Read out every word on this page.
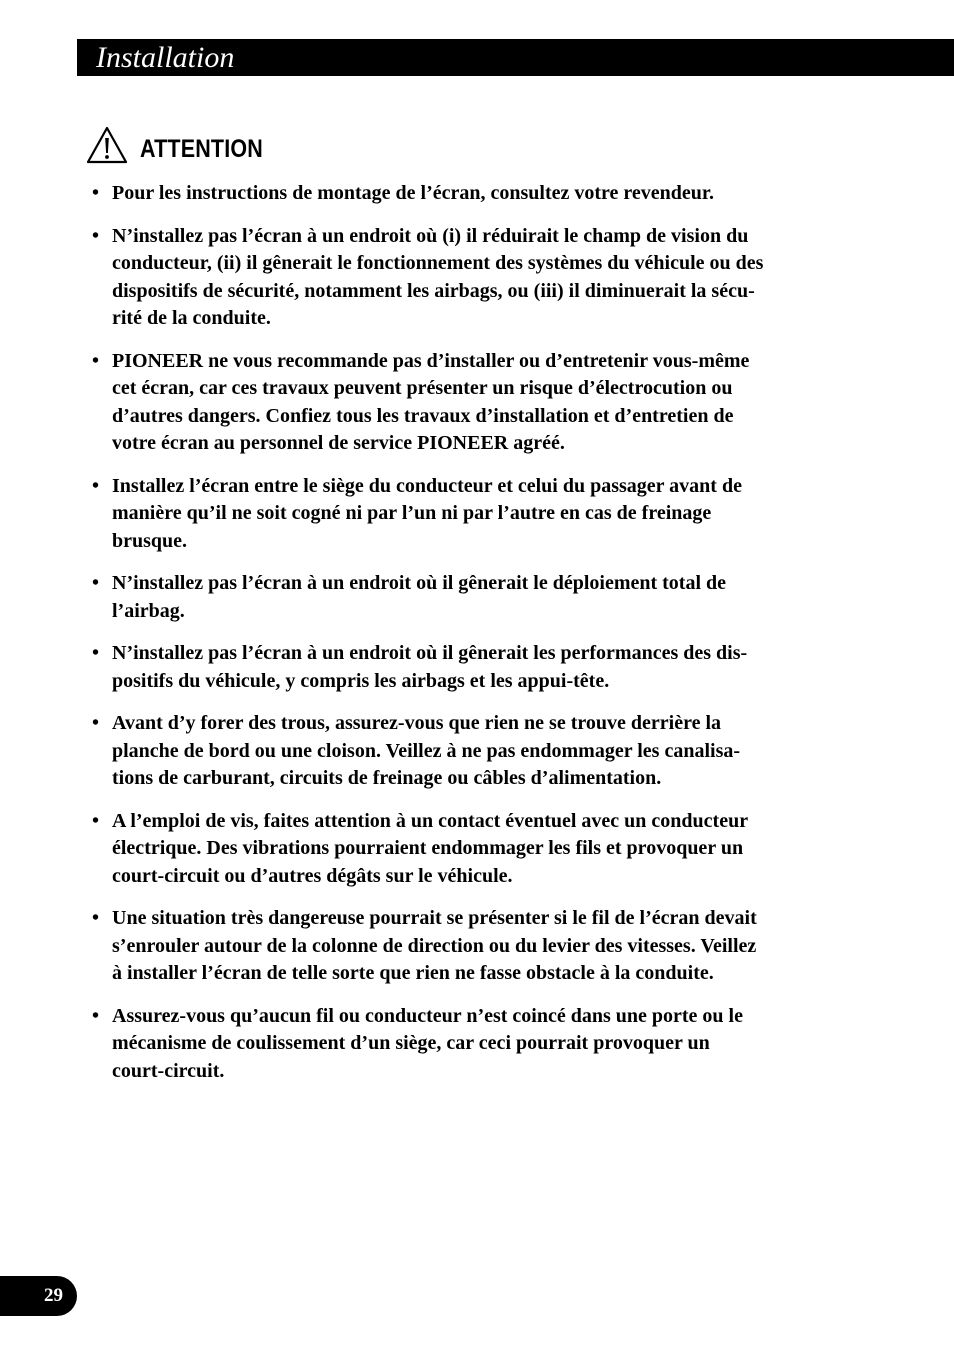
Installation
ATTENTION
• Pour les instructions de montage de l’écran, consultez votre revendeur.
• N’installez pas l’écran à un endroit où (i) il réduirait le champ de vision du
conducteur, (ii) il gênerait le fonctionnement des systèmes du véhicule ou des
dispositifs de sécurité, notamment les airbags, ou (iii) il diminuerait la sécu-
rité de la conduite.
• PIONEER ne vous recommande pas d’installer ou d’entretenir vous-même
cet écran, car ces travaux peuvent présenter un risque d’électrocution ou
d’autres dangers. Confiez tous les travaux d’installation et d’entretien de
votre écran au personnel de service PIONEER agréé.
• Installez l’écran entre le siège du conducteur et celui du passager avant de
manière qu’il ne soit cogné ni par l’un ni par l’autre en cas de freinage
brusque.
• N’installez pas l’écran à un endroit où il gênerait le déploiement total de
l’airbag.
• N’installez pas l’écran à un endroit où il gênerait les performances des dis-
positifs du véhicule, y compris les airbags et les appui-tête.
• Avant d’y forer des trous, assurez-vous que rien ne se trouve derrière la
planche de bord ou une cloison. Veillez à ne pas endommager les canalisa-
tions de carburant, circuits de freinage ou câbles d’alimentation.
• A l’emploi de vis, faites attention à un contact éventuel avec un conducteur
électrique. Des vibrations pourraient endommager les fils et provoquer un
court-circuit ou d’autres dégâts sur le véhicule.
• Une situation très dangereuse pourrait se présenter si le fil de l’écran devait
s’enrouler autour de la colonne de direction ou du levier des vitesses. Veillez
à installer l’écran de telle sorte que rien ne fasse obstacle à la conduite.
• Assurez-vous qu’aucun fil ou conducteur n’est coincé dans une porte ou le
mécanisme de coulissement d’un siège, car ceci pourrait provoquer un
court-circuit.
29
